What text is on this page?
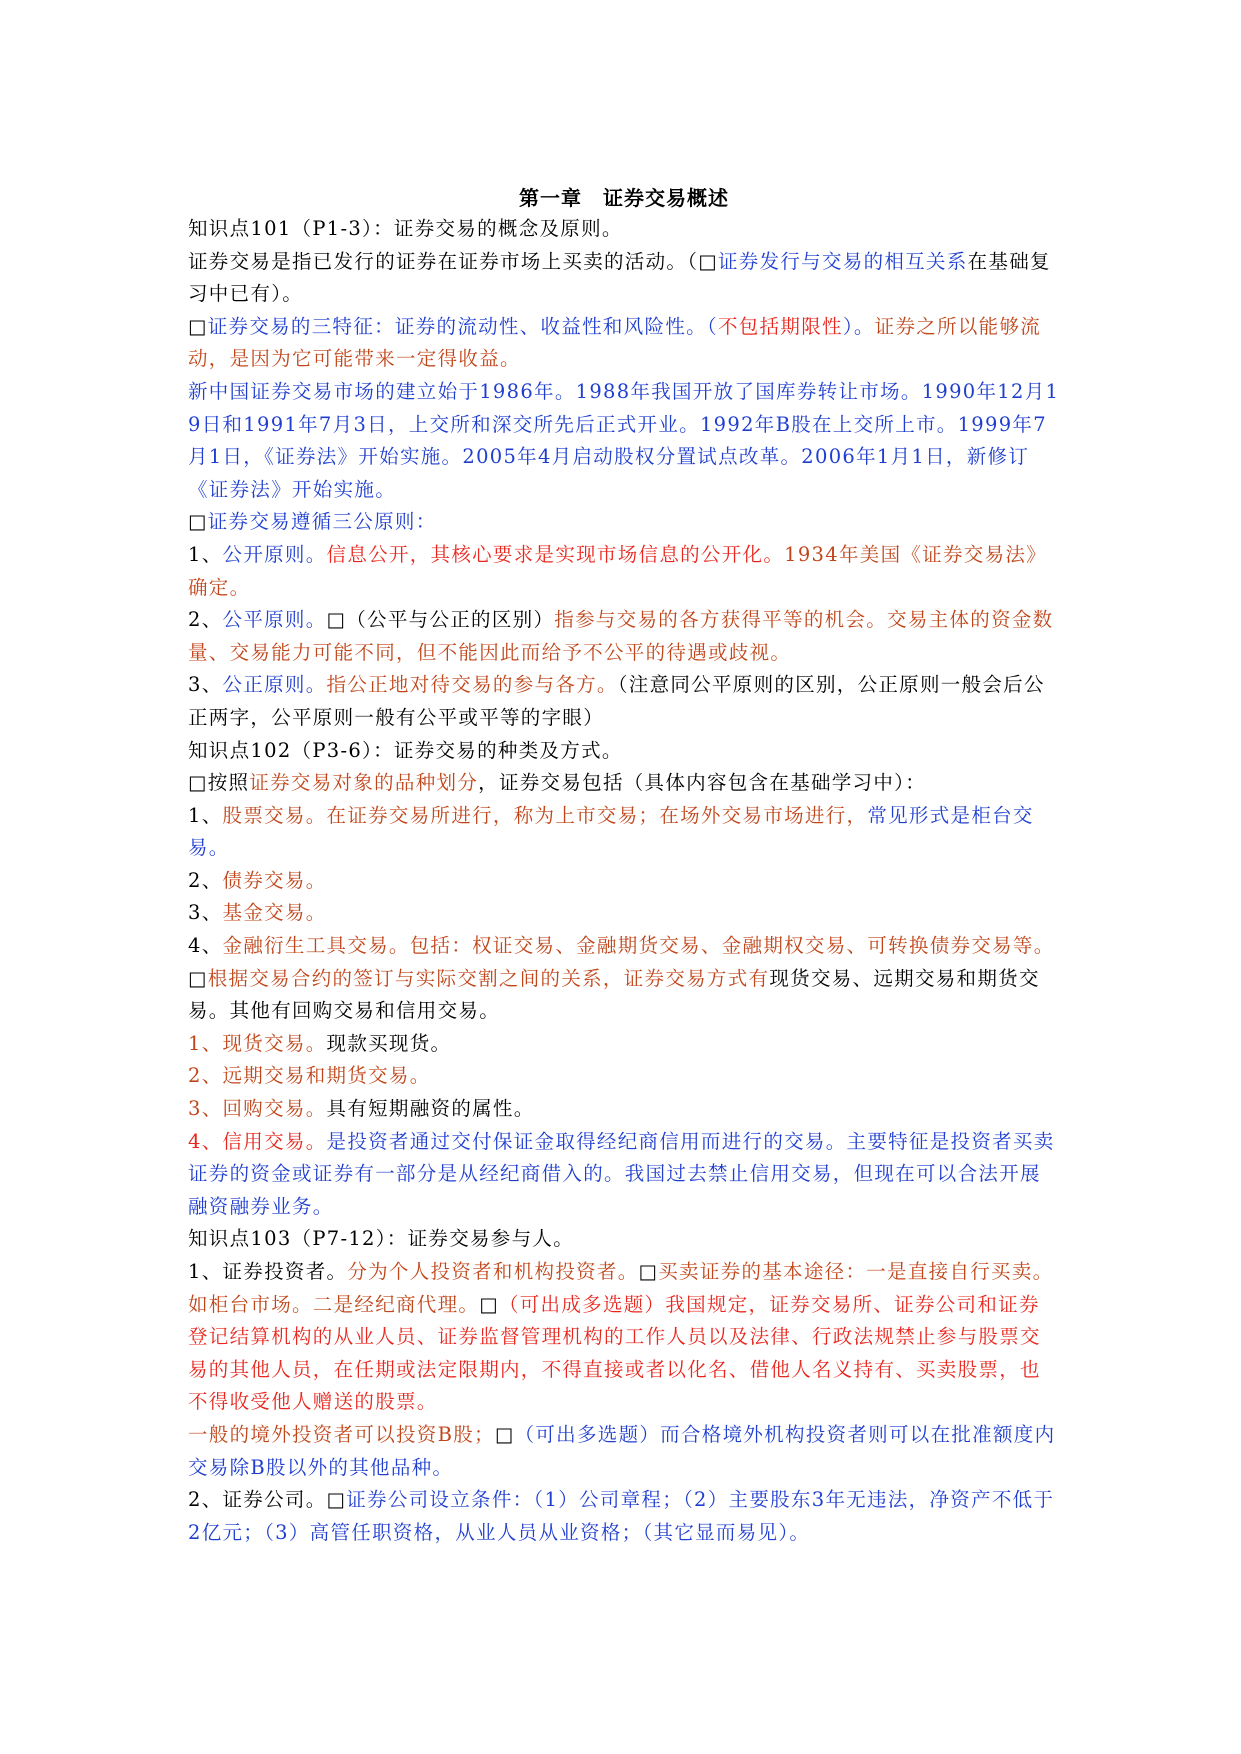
第一章　证券交易概述

知识点101（P1-3）：证券交易的概念及原则。

证券交易是指已发行的证券在证券市场上买卖的活动。（□证券发行与交易的相互关系在基础复习中已有）。

□证券交易的三特征：证券的流动性、收益性和风险性。（不包括期限性）。证券之所以能够流动，是因为它可能带来一定得收益。

新中国证券交易市场的建立始于1986年。1988年我国开放了国库券转让市场。1990年12月19日和1991年7月3日，上交所和深交所先后正式开业。1992年B股在上交所上市。1999年7月1日，《证券法》开始实施。2005年4月启动股权分置试点改革。2006年1月1日，新修订《证券法》开始实施。

□证券交易遵循三公原则：

1、公开原则。信息公开，其核心要求是实现市场信息的公开化。1934年美国《证券交易法》确定。

2、公平原则。□（公平与公正的区别）指参与交易的各方获得平等的机会。交易主体的资金数量、交易能力可能不同，但不能因此而给予不公平的待遇或歧视。

3、公正原则。指公正地对待交易的参与各方。（注意同公平原则的区别，公正原则一般会后公正两字，公平原则一般有公平或平等的字眼）

知识点102（P3-6）：证券交易的种类及方式。

□按照证券交易对象的品种划分，证券交易包括（具体内容包含在基础学习中）：

1、股票交易。在证券交易所进行，称为上市交易；在场外交易市场进行，常见形式是柜台交易。

2、债券交易。

3、基金交易。

4、金融衍生工具交易。包括：权证交易、金融期货交易、金融期权交易、可转换债券交易等。

□根据交易合约的签订与实际交割之间的关系，证券交易方式有现货交易、远期交易和期货交易。其他有回购交易和信用交易。

1、现货交易。现款买现货。

2、远期交易和期货交易。

3、回购交易。具有短期融资的属性。

4、信用交易。是投资者通过交付保证金取得经纪商信用而进行的交易。主要特征是投资者买卖证券的资金或证券有一部分是从经纪商借入的。我国过去禁止信用交易，但现在可以合法开展融资融券业务。

知识点103（P7-12）：证券交易参与人。

1、证券投资者。分为个人投资者和机构投资者。□买卖证券的基本途径：一是直接自行买卖。如柜台市场。二是经纪商代理。□（可出成多选题）我国规定，证券交易所、证券公司和证券登记结算机构的从业人员、证券监督管理机构的工作人员以及法律、行政法规禁止参与股票交易的其他人员，在任期或法定限期内，不得直接或者以化名、借他人名义持有、买卖股票，也不得收受他人赠送的股票。

一般的境外投资者可以投资B股；□（可出多选题）而合格境外机构投资者则可以在批准额度内交易除B股以外的其他品种。

2、证券公司。□证券公司设立条件：（1）公司章程；（2）主要股东3年无违法，净资产不低于2亿元；（3）高管任职资格，从业人员从业资格；（其它显而易见）。
